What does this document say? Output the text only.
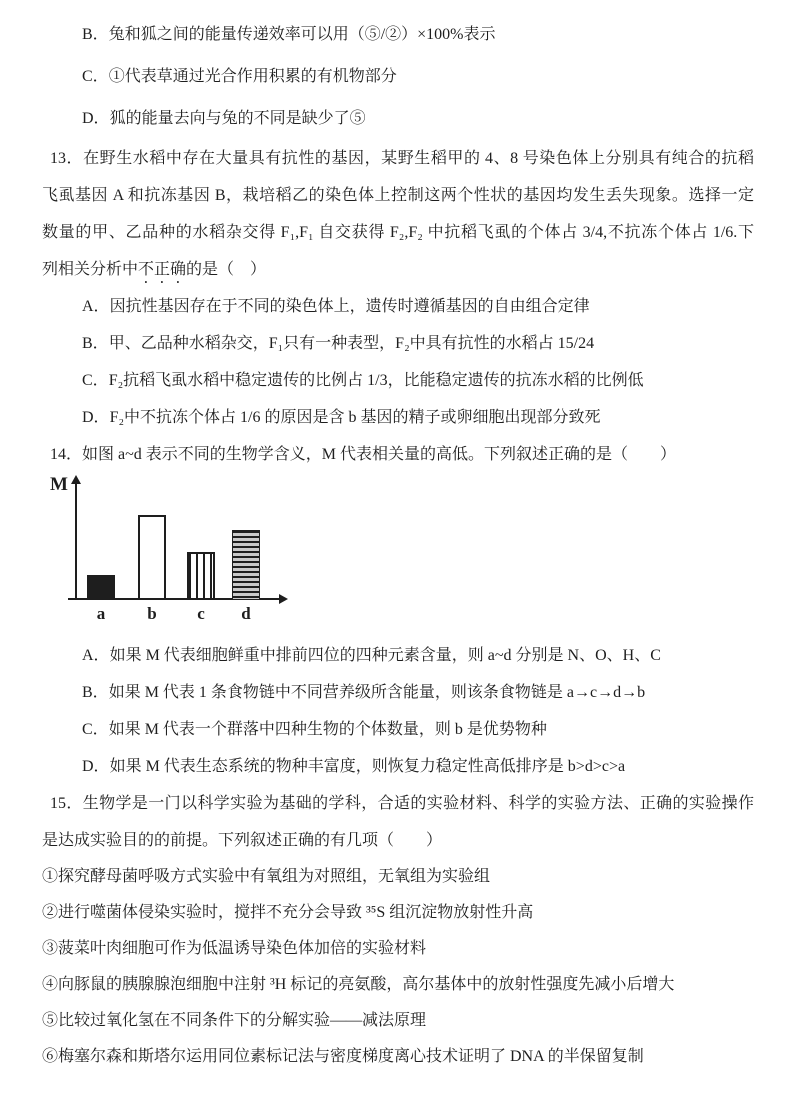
B．兔和狐之间的能量传递效率可以用（⑤/②）×100%表示
C．①代表草通过光合作用积累的有机物部分
D．狐的能量去向与兔的不同是缺少了⑤
13．在野生水稻中存在大量具有抗性的基因，某野生稻甲的 4、8 号染色体上分别具有纯合的抗稻
飞虱基因 A 和抗冻基因 B，栽培稻乙的染色体上控制这两个性状的基因均发生丢失现象。选择一定
数量的甲、乙品种的水稻杂交得 F₁,F₁ 自交获得 F₂,F₂ 中抗稻飞虱的个体占 3/4,不抗冻个体占 1/6.下
列相关分析中不正确的是（　）
A．因抗性基因存在于不同的染色体上，遗传时遵循基因的自由组合定律
B．甲、乙品种水稻杂交，F₁只有一种表型，F₂中具有抗性的水稻占 15/24
C．F₂抗稻飞虱水稻中稳定遗传的比例占 1/3，比能稳定遗传的抗冻水稻的比例低
D．F₂中不抗冻个体占 1/6 的原因是含 b 基因的精子或卵细胞出现部分致死
14．如图 a~d 表示不同的生物学含义，M 代表相关量的高低。下列叙述正确的是（　　）
M
a	b	c	d
A．如果 M 代表细胞鲜重中排前四位的四种元素含量，则 a~d 分别是 N、O、H、C
B．如果 M 代表 1 条食物链中不同营养级所含能量，则该条食物链是 a→c→d→b
C．如果 M 代表一个群落中四种生物的个体数量，则 b 是优势物种
D．如果 M 代表生态系统的物种丰富度，则恢复力稳定性高低排序是 b>d>c>a
15．生物学是一门以科学实验为基础的学科，合适的实验材料、科学的实验方法、正确的实验操作
是达成实验目的的前提。下列叙述正确的有几项（　　）
①探究酵母菌呼吸方式实验中有氧组为对照组，无氧组为实验组
②进行噬菌体侵染实验时，搅拌不充分会导致 ³⁵S 组沉淀物放射性升高
③菠菜叶肉细胞可作为低温诱导染色体加倍的实验材料
④向豚鼠的胰腺腺泡细胞中注射 ³H 标记的亮氨酸，高尔基体中的放射性强度先减小后增大
⑤比较过氧化氢在不同条件下的分解实验——减法原理
⑥梅塞尔森和斯塔尔运用同位素标记法与密度梯度离心技术证明了 DNA 的半保留复制
